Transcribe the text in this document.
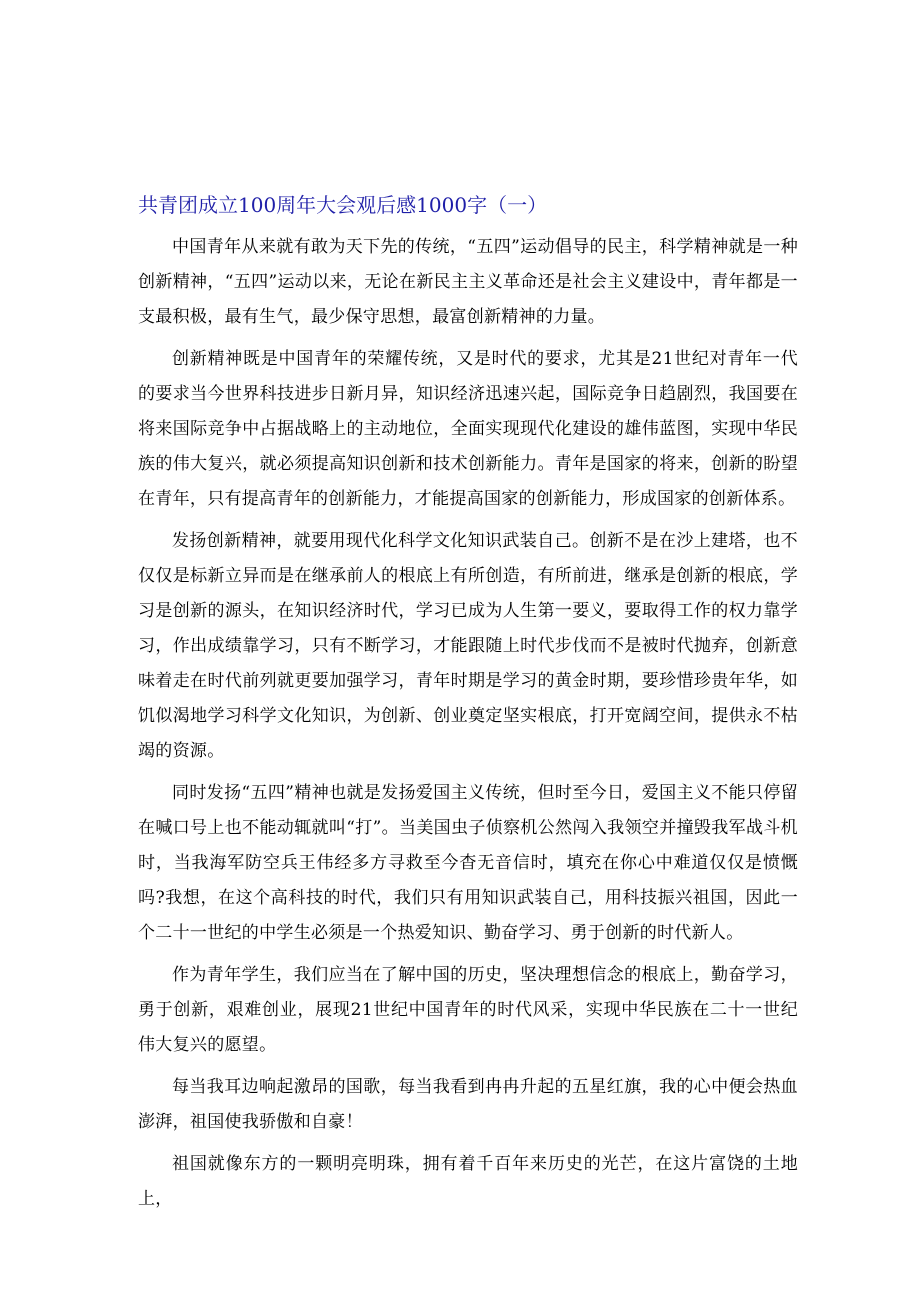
共青团成立100周年大会观后感1000字（一）

中国青年从来就有敢为天下先的传统，“五四”运动倡导的民主，科学精神就是一种创新精神，“五四”运动以来，无论在新民主主义革命还是社会主义建设中，青年都是一支最积极，最有生气，最少保守思想，最富创新精神的力量。

创新精神既是中国青年的荣耀传统，又是时代的要求，尤其是21世纪对青年一代的要求当今世界科技进步日新月异，知识经济迅速兴起，国际竞争日趋剧烈，我国要在将来国际竞争中占据战略上的主动地位，全面实现现代化建设的雄伟蓝图，实现中华民族的伟大复兴，就必须提高知识创新和技术创新能力。青年是国家的将来，创新的盼望在青年，只有提高青年的创新能力，才能提高国家的创新能力，形成国家的创新体系。

发扬创新精神，就要用现代化科学文化知识武装自己。创新不是在沙上建塔，也不仅仅是标新立异而是在继承前人的根底上有所创造，有所前进，继承是创新的根底，学习是创新的源头，在知识经济时代，学习已成为人生第一要义，要取得工作的权力靠学习，作出成绩靠学习，只有不断学习，才能跟随上时代步伐而不是被时代抛弃，创新意味着走在时代前列就更要加强学习，青年时期是学习的黄金时期，要珍惜珍贵年华，如饥似渴地学习科学文化知识，为创新、创业奠定坚实根底，打开宽阔空间，提供永不枯竭的资源。

同时发扬“五四”精神也就是发扬爱国主义传统，但时至今日，爱国主义不能只停留在喊口号上也不能动辄就叫“打”。当美国虫子侦察机公然闯入我领空并撞毁我军战斗机时，当我海军防空兵王伟经多方寻救至今杳无音信时，填充在你心中难道仅仅是愤慨吗?我想，在这个高科技的时代，我们只有用知识武装自己，用科技振兴祖国，因此一个二十一世纪的中学生必须是一个热爱知识、勤奋学习、勇于创新的时代新人。

作为青年学生，我们应当在了解中国的历史，坚决理想信念的根底上，勤奋学习，勇于创新，艰难创业，展现21世纪中国青年的时代风采，实现中华民族在二十一世纪伟大复兴的愿望。

每当我耳边响起激昂的国歌，每当我看到冉冉升起的五星红旗，我的心中便会热血澎湃，祖国使我骄傲和自豪！

祖国就像东方的一颗明亮明珠，拥有着千百年来历史的光芒，在这片富饶的土地上，
